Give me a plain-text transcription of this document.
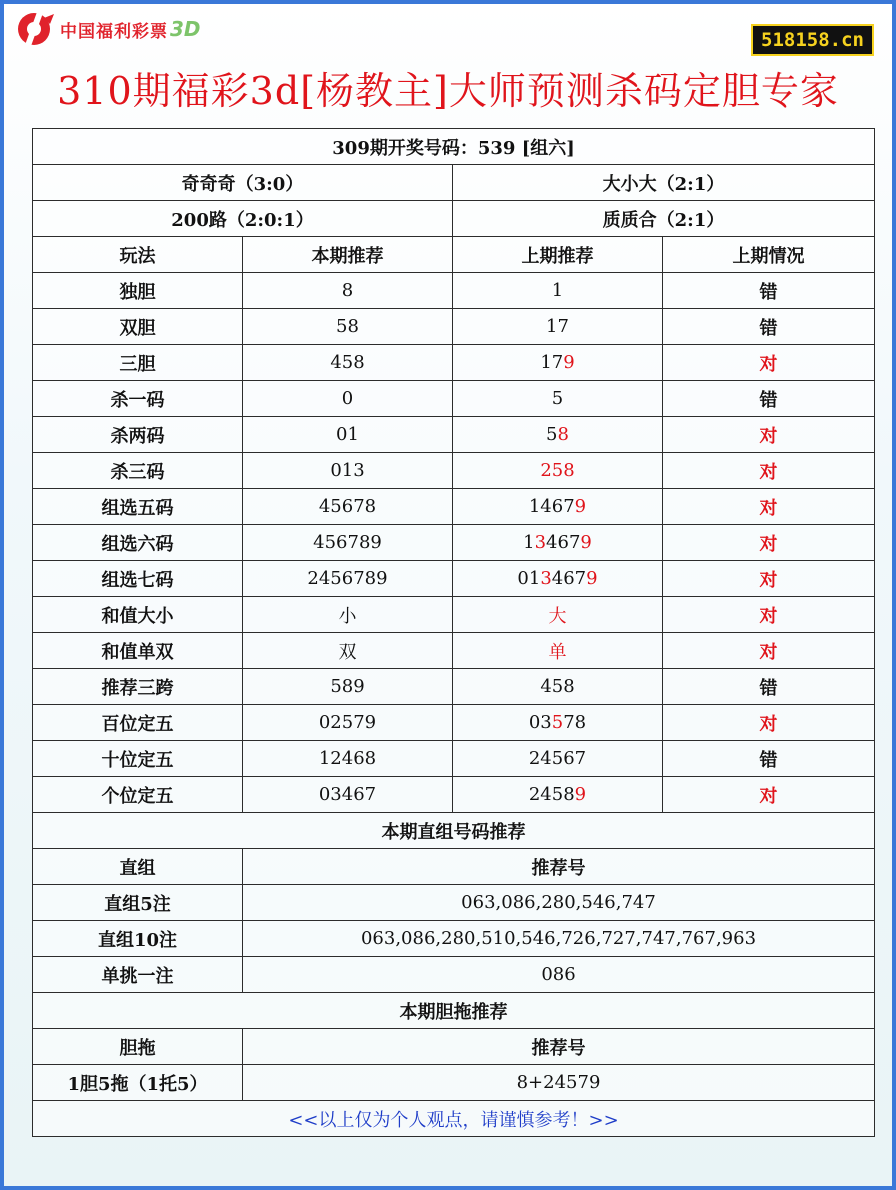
中国福利彩票 3D	518158.cn
310期福彩3d[杨教主]大师预测杀码定胆专家
309期开奖号码：539 [组六]			
奇奇奇（3:0）		大小大（2:1）	
200路（2:0:1）		质质合（2:1）	
玩法	本期推荐	上期推荐	上期情况
独胆	8	1	错
双胆	58	17	错
三胆	458	179	对
杀一码	0	5	错
杀两码	01	58	对
杀三码	013	258	对
组选五码	45678	14679	对
组选六码	456789	134679	对
组选七码	2456789	0134679	对
和值大小	小	大	对
和值单双	双	单	对
推荐三跨	589	458	错
百位定五	02579	03578	对
十位定五	12468	24567	错
个位定五	03467	24589	对
本期直组号码推荐			
直组	推荐号		
直组5注	063,086,280,546,747		
直组10注	063,086,280,510,546,726,727,747,767,963		
单挑一注	086		
本期胆拖推荐			
胆拖	推荐号		
1胆5拖（1托5）	8+24579		
<<以上仅为个人观点，请谨慎参考！>>			
